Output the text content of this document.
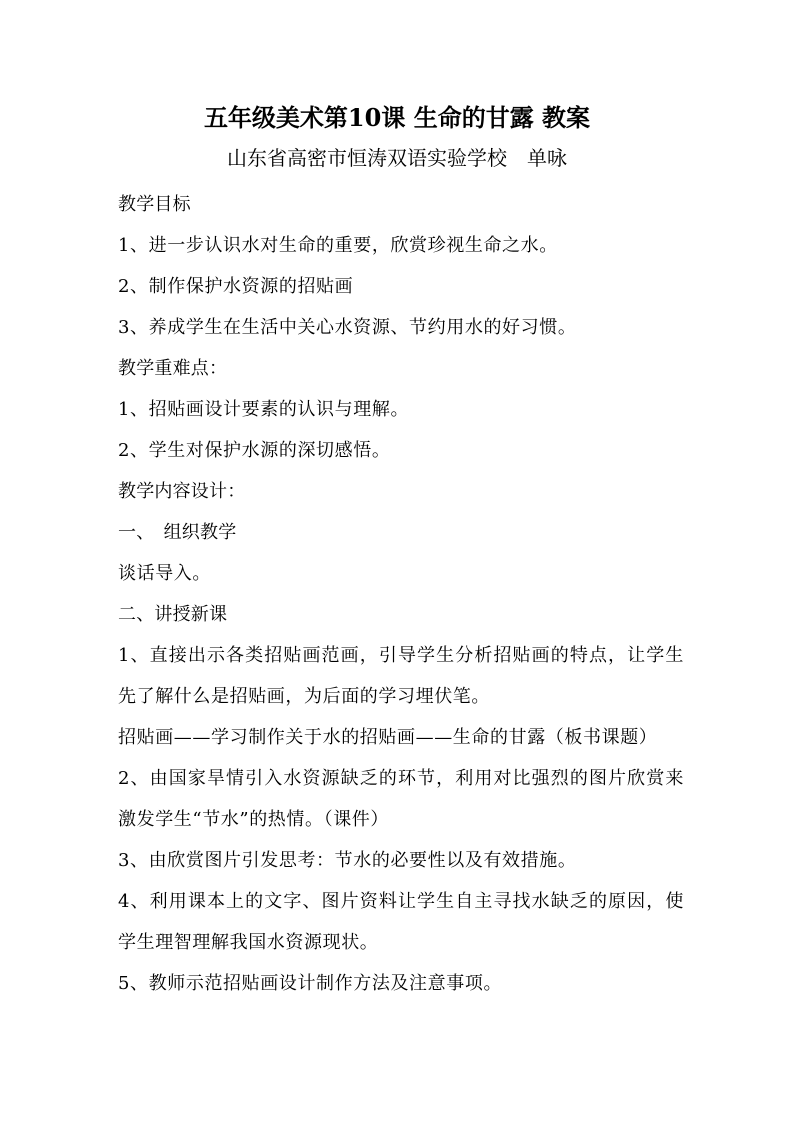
五年级美术第10课 生命的甘露 教案
山东省高密市恒涛双语实验学校　单咏
教学目标
1、进一步认识水对生命的重要，欣赏珍视生命之水。
2、制作保护水资源的招贴画
3、养成学生在生活中关心水资源、节约用水的好习惯。
教学重难点：
1、招贴画设计要素的认识与理解。
2、学生对保护水源的深切感悟。
教学内容设计：
一、　组织教学
谈话导入。
二、讲授新课
1、直接出示各类招贴画范画，引导学生分析招贴画的特点，让学生
先了解什么是招贴画，为后面的学习埋伏笔。
招贴画——学习制作关于水的招贴画——生命的甘露（板书课题）
2、由国家旱情引入水资源缺乏的环节，利用对比强烈的图片欣赏来
激发学生“节水”的热情。（课件）
3、由欣赏图片引发思考：节水的必要性以及有效措施。
4、利用课本上的文字、图片资料让学生自主寻找水缺乏的原因，使
学生理智理解我国水资源现状。
5、教师示范招贴画设计制作方法及注意事项。
